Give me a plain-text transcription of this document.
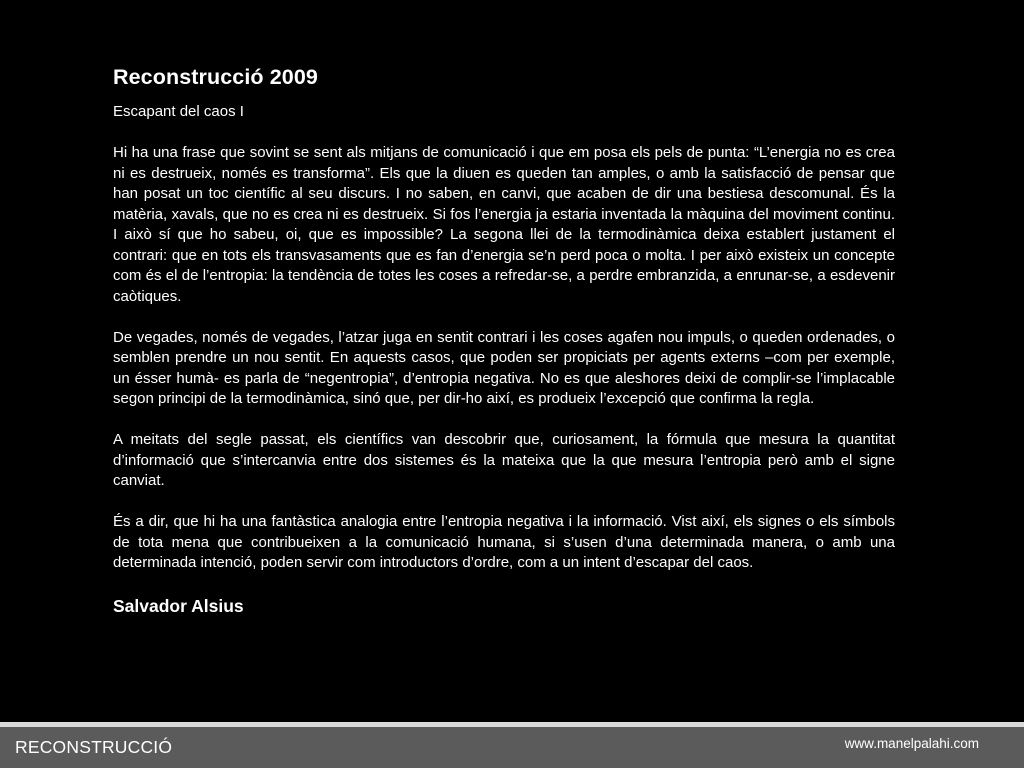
Reconstrucció 2009

Escapant del caos I

Hi ha una frase que sovint se sent als mitjans de comunicació i que em posa els pels de punta: “L’energia no es crea ni es destrueix, només es transforma”. Els que la diuen es queden tan amples, o amb la satisfacció de pensar que han posat un toc científic al seu discurs. I no saben, en canvi, que acaben de dir una bestiesa descomunal. És la matèria, xavals, que no es crea ni es destrueix. Si fos l’energia ja estaria inventada la màquina del moviment continu. I això sí que ho sabeu, oi, que es impossible? La segona llei de la termodinàmica deixa establert justament el contrari: que en tots els transvasaments que es fan d’energia se’n perd poca o molta. I per això existeix un concepte com és el de l’entropia: la tendència de totes les coses a refredar-se, a perdre embranzida, a enrunar-se, a esdevenir caòtiques.

De vegades, només de vegades, l’atzar juga en sentit contrari i les coses agafen nou impuls, o queden ordenades, o semblen prendre un nou sentit. En aquests casos, que poden ser propiciats per agents externs –com per exemple, un ésser humà- es parla de “negentropia”, d’entropia negativa. No es que aleshores deixi de complir-se l’implacable segon principi de la termodinàmica, sinó que, per dir-ho així, es produeix l’excepció que confirma la regla.

A meitats del segle passat, els científics van descobrir que, curiosament, la fórmula que mesura la quantitat d’informació que s’intercanvia entre dos sistemes és la mateixa que la que mesura l’entropia però amb el signe canviat.

És a dir, que hi ha una fantàstica analogia entre l’entropia negativa i la informació. Vist així, els signes o els símbols de tota mena que contribueixen a la comunicació humana, si s’usen d’una determinada manera, o amb una determinada intenció, poden servir com introductors d’ordre, com a un intent d’escapar del caos.

Salvador Alsius

RECONSTRUCCIÓ	www.manelpalahi.com
